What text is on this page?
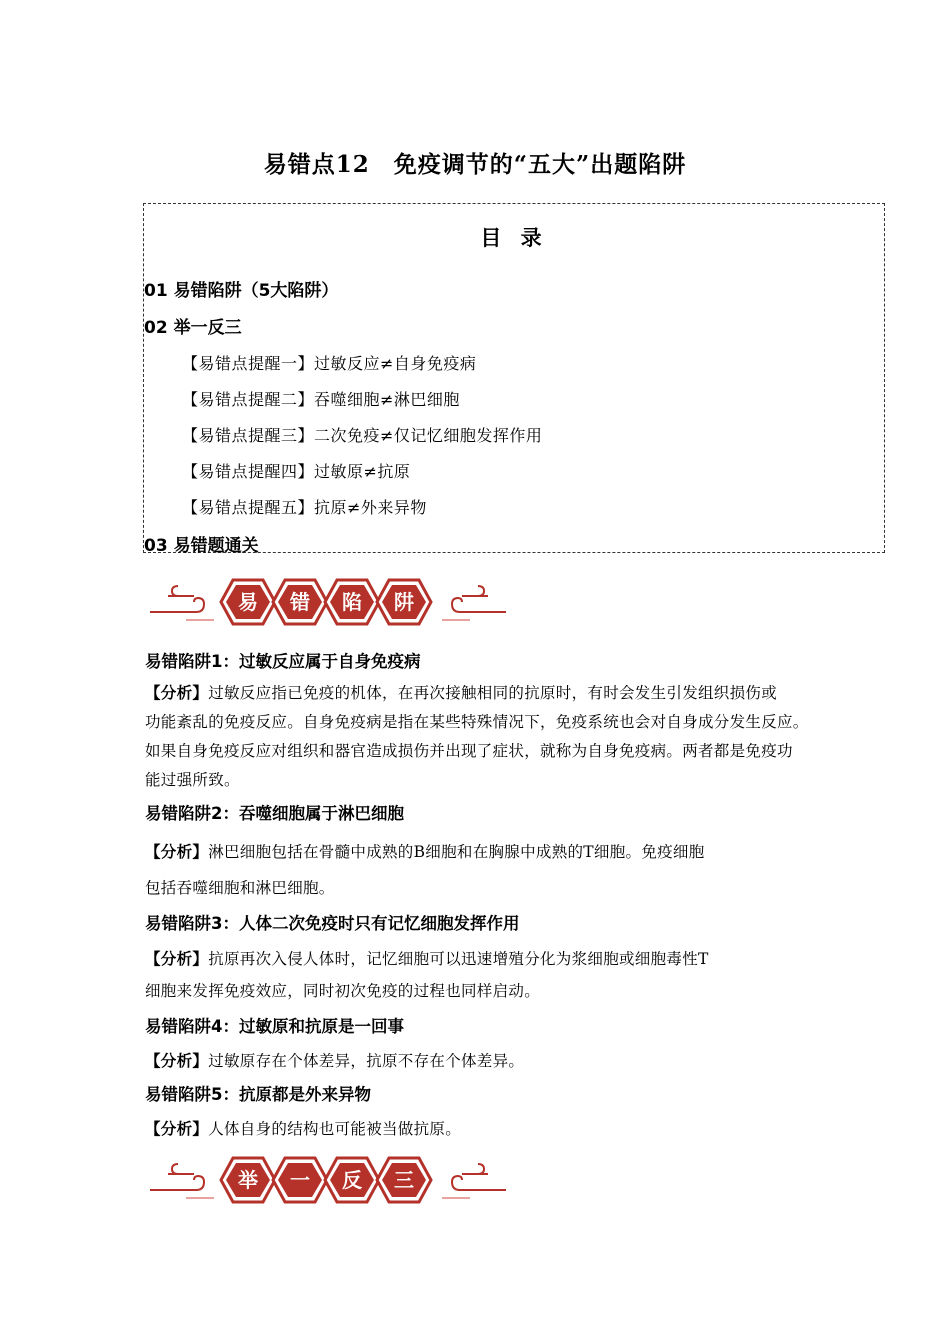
易错点12　免疫调节的“五大”出题陷阱
目 录
01 易错陷阱（5大陷阱）
02 举一反三
【易错点提醒一】过敏反应≠自身免疫病
【易错点提醒二】吞噬细胞≠淋巴细胞
【易错点提醒三】二次免疫≠仅记忆细胞发挥作用
【易错点提醒四】过敏原≠抗原
【易错点提醒五】抗原≠外来异物
03 易错题通关
易 错 陷 阱
易错陷阱1：过敏反应属于自身免疫病
【分析】过敏反应指已免疫的机体，在再次接触相同的抗原时，有时会发生引发组织损伤或
功能紊乱的免疫反应。自身免疫病是指在某些特殊情况下，免疫系统也会对自身成分发生反应。
如果自身免疫反应对组织和器官造成损伤并出现了症状，就称为自身免疫病。两者都是免疫功
能过强所致。
易错陷阱2：吞噬细胞属于淋巴细胞
【分析】淋巴细胞包括在骨髓中成熟的B细胞和在胸腺中成熟的T细胞。免疫细胞
包括吞噬细胞和淋巴细胞。
易错陷阱3：人体二次免疫时只有记忆细胞发挥作用
【分析】抗原再次入侵人体时，记忆细胞可以迅速增殖分化为浆细胞或细胞毒性T
细胞来发挥免疫效应，同时初次免疫的过程也同样启动。
易错陷阱4：过敏原和抗原是一回事
【分析】过敏原存在个体差异，抗原不存在个体差异。
易错陷阱5：抗原都是外来异物
【分析】人体自身的结构也可能被当做抗原。
举 一 反 三
